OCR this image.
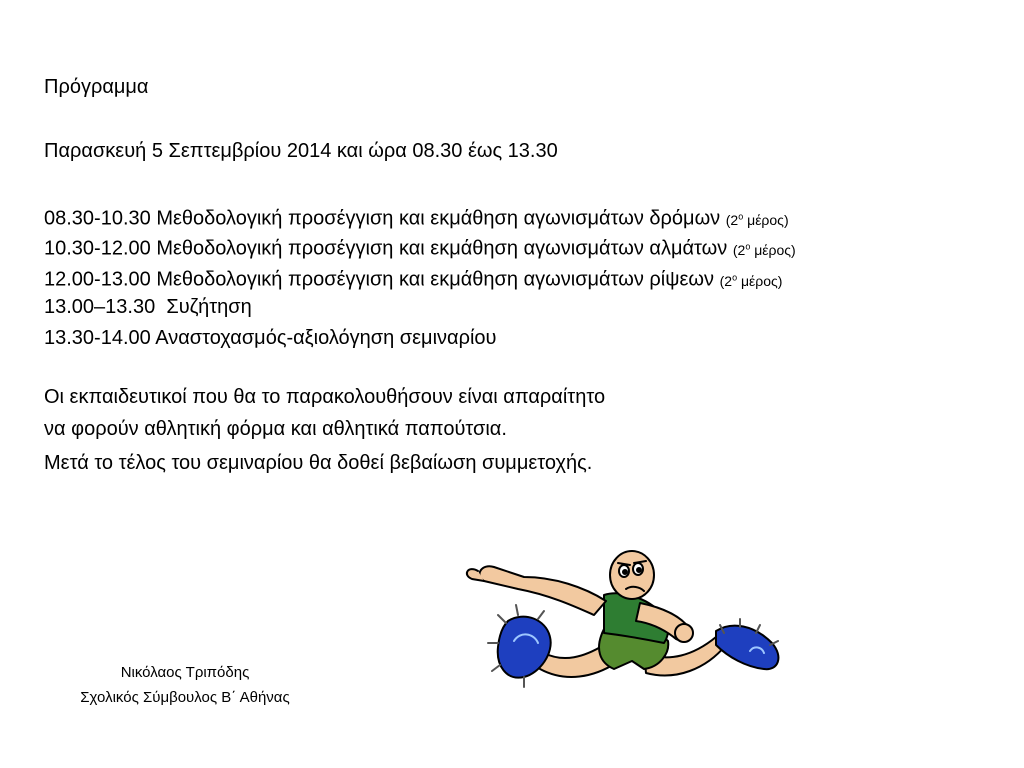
Πρόγραμμα

Παρασκευή 5 Σεπτεμβρίου 2014 και ώρα 08.30 έως 13.30

08.30-10.30 Μεθοδολογική προσέγγιση και εκμάθηση αγωνισμάτων δρόμων ($2^o$ μέρος)

10.30-12.00 Μεθοδολογική προσέγγιση και εκμάθηση αγωνισμάτων αλμάτων ($2^o$ μέρος)

12.00-13.00 Μεθοδολογική προσέγγιση και εκμάθηση αγωνισμάτων ρίψεων ($2^o$ μέρος)

13.00–13.30  Συζήτηση

13.30-14.00 Αναστοχασμός-αξιολόγηση σεμιναρίου

Οι εκπαιδευτικοί που θα το παρακολουθήσουν είναι απαραίτητο

να φορούν αθλητική φόρμα και αθλητικά παπούτσια.

Μετά το τέλος του σεμιναρίου θα δοθεί βεβαίωση συμμετοχής.

Νικόλαος Τριπόδης
Σχολικός Σύμβουλος Β΄ Αθήνας
